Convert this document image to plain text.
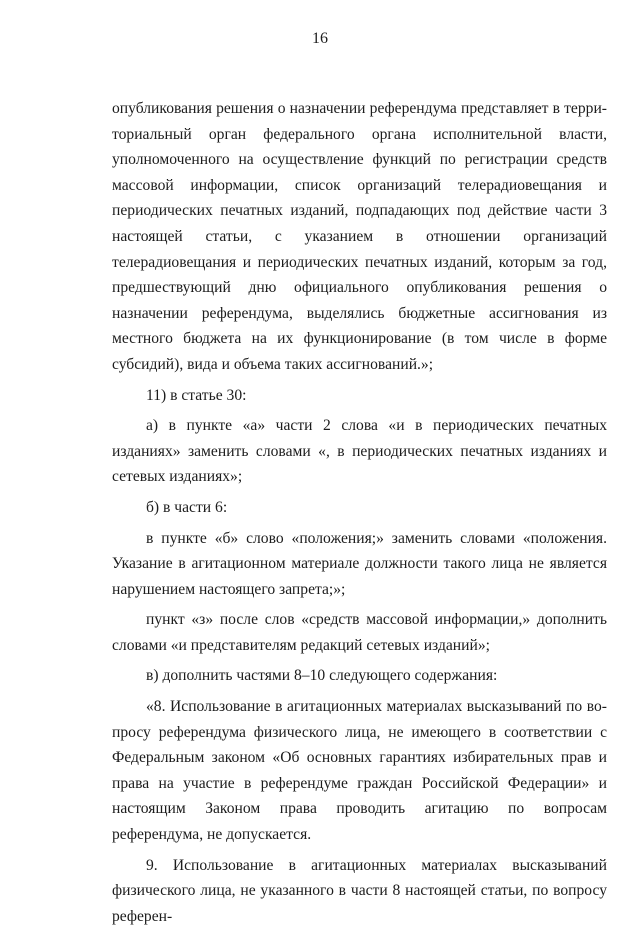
16

опубликования решения о назначении референдума представляет в территориальный орган федерального органа исполнительной власти, уполномоченного на осуществление функций по регистрации средств массовой информации, список организаций телерадиовещания и периодических печатных изданий, подпадающих под действие части 3 настоящей статьи, с указанием в отношении организаций телерадиовещания и периодических печатных изданий, которым за год, предшествующий дню официального опубликования решения о назначении референдума, выделялись бюджетные ассигнования из местного бюджета на их функционирование (в том числе в форме субсидий), вида и объема таких ассигнований.»;

11) в статье 30:

а) в пункте «а» части 2 слова «и в периодических печатных изданиях» заменить словами «, в периодических печатных изданиях и сетевых изданиях»;

б) в части 6:

в пункте «б» слово «положения;» заменить словами «положения. Указание в агитационном материале должности такого лица не является нарушением настоящего запрета;»;

пункт «з» после слов «средств массовой информации,» дополнить словами «и представителям редакций сетевых изданий»;

в) дополнить частями 8–10 следующего содержания:

«8. Использование в агитационных материалах высказываний по вопросу референдума физического лица, не имеющего в соответствии с Федеральным законом «Об основных гарантиях избирательных прав и права на участие в референдуме граждан Российской Федерации» и настоящим Законом права проводить агитацию по вопросам референдума, не допускается.

9. Использование в агитационных материалах высказываний физического лица, не указанного в части 8 настоящей статьи, по вопросу референ-
